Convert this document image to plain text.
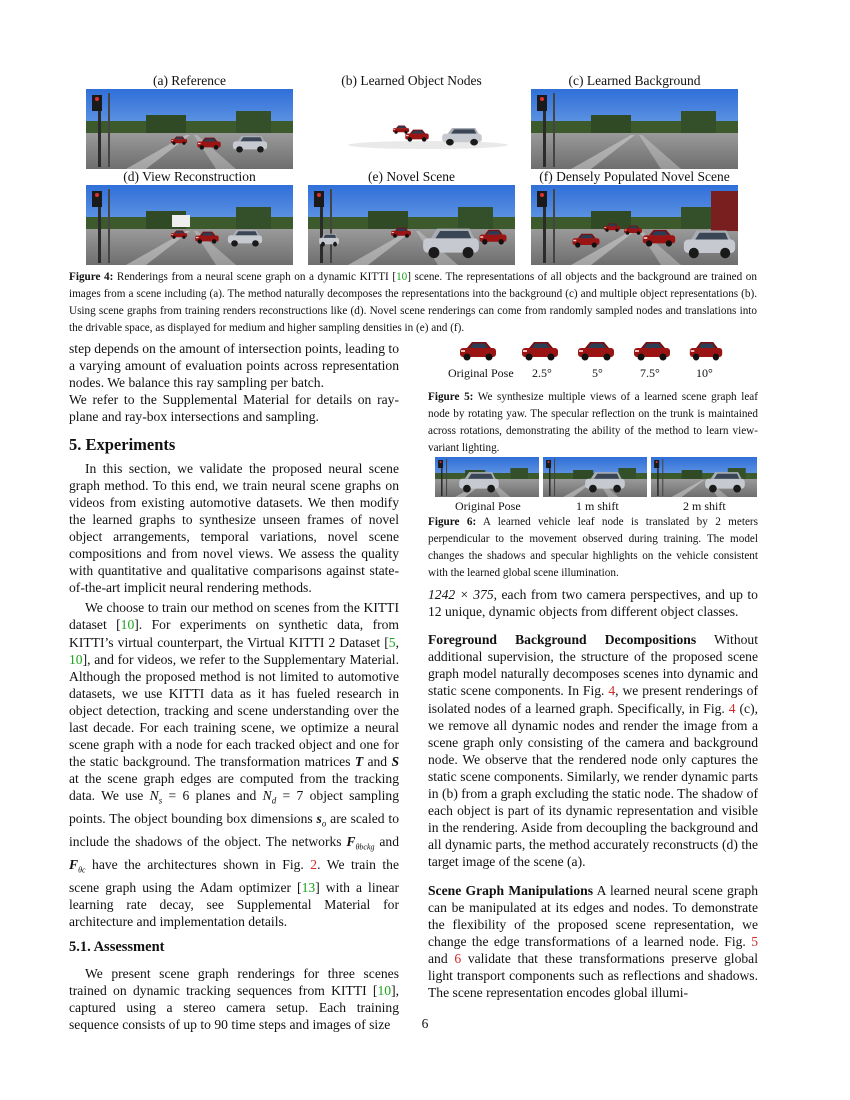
(a) Reference	(b) Learned Object Nodes	(c) Learned Background
(d) View Reconstruction	(e) Novel Scene	(f) Densely Populated Novel Scene
Figure 4: Renderings from a neural scene graph on a dynamic KITTI [10] scene. The representations of all objects and the background are trained on images from a scene including (a). The method naturally decomposes the representations into the background (c) and multiple object representations (b). Using scene graphs from training renders reconstructions like (d). Novel scene renderings can come from randomly sampled nodes and translations into the drivable space, as displayed for medium and higher sampling densities in (e) and (f).

step depends on the amount of intersection points, leading to a varying amount of evaluation points across representation nodes. We balance this ray sampling per batch.

We refer to the Supplemental Material for details on ray-plane and ray-box intersections and sampling.

5. Experiments

In this section, we validate the proposed neural scene graph method. To this end, we train neural scene graphs on videos from existing automotive datasets. We then modify the learned graphs to synthesize unseen frames of novel object arrangements, temporal variations, novel scene compositions and from novel views. We assess the quality with quantitative and qualitative comparisons against state-of-the-art implicit neural rendering methods.

We choose to train our method on scenes from the KITTI dataset [10]. For experiments on synthetic data, from KITTI’s virtual counterpart, the Virtual KITTI 2 Dataset [5, 10], and for videos, we refer to the Supplementary Material. Although the proposed method is not limited to automotive datasets, we use KITTI data as it has fueled research in object detection, tracking and scene understanding over the last decade. For each training scene, we optimize a neural scene graph with a node for each tracked object and one for the static background. The transformation matrices T and S at the scene graph edges are computed from the tracking data. We use $N_s = 6$ planes and $N_d = 7$ object sampling points. The object bounding box dimensions $s_o$ are scaled to include the shadows of the object. The networks $F_{\theta bckg}$ and $F_{\theta c}$ have the architectures shown in Fig. 2. We train the scene graph using the Adam optimizer [13] with a linear learning rate decay, see Supplemental Material for architecture and implementation details.

5.1. Assessment

We present scene graph renderings for three scenes trained on dynamic tracking sequences from KITTI [10], captured using a stereo camera setup. Each training sequence consists of up to 90 time steps and images of size

Original Pose 2.5°	5°	7.5°	10°
Figure 5: We synthesize multiple views of a learned scene graph leaf node by rotating yaw. The specular reflection on the trunk is maintained across rotations, demonstrating the ability of the method to learn view-variant lighting.
Original Pose	1 m shift	2 m shift
Figure 6: A learned vehicle leaf node is translated by 2 meters perpendicular to the movement observed during training. The model changes the shadows and specular highlights on the vehicle consistent with the learned global scene illumination.

1242 × 375, each from two camera perspectives, and up to 12 unique, dynamic objects from different object classes.

Foreground Background Decompositions Without additional supervision, the structure of the proposed scene graph model naturally decomposes scenes into dynamic and static scene components. In Fig. 4, we present renderings of isolated nodes of a learned graph. Specifically, in Fig. 4 (c), we remove all dynamic nodes and render the image from a scene graph only consisting of the camera and background node. We observe that the rendered node only captures the static scene components. Similarly, we render dynamic parts in (b) from a graph excluding the static node. The shadow of each object is part of its dynamic representation and visible in the rendering. Aside from decoupling the background and all dynamic parts, the method accurately reconstructs (d) the target image of the scene (a).

Scene Graph Manipulations A learned neural scene graph can be manipulated at its edges and nodes. To demonstrate the flexibility of the proposed scene representation, we change the edge transformations of a learned node. Fig. 5 and 6 validate that these transformations preserve global light transport components such as reflections and shadows. The scene representation encodes global illumi-

6
